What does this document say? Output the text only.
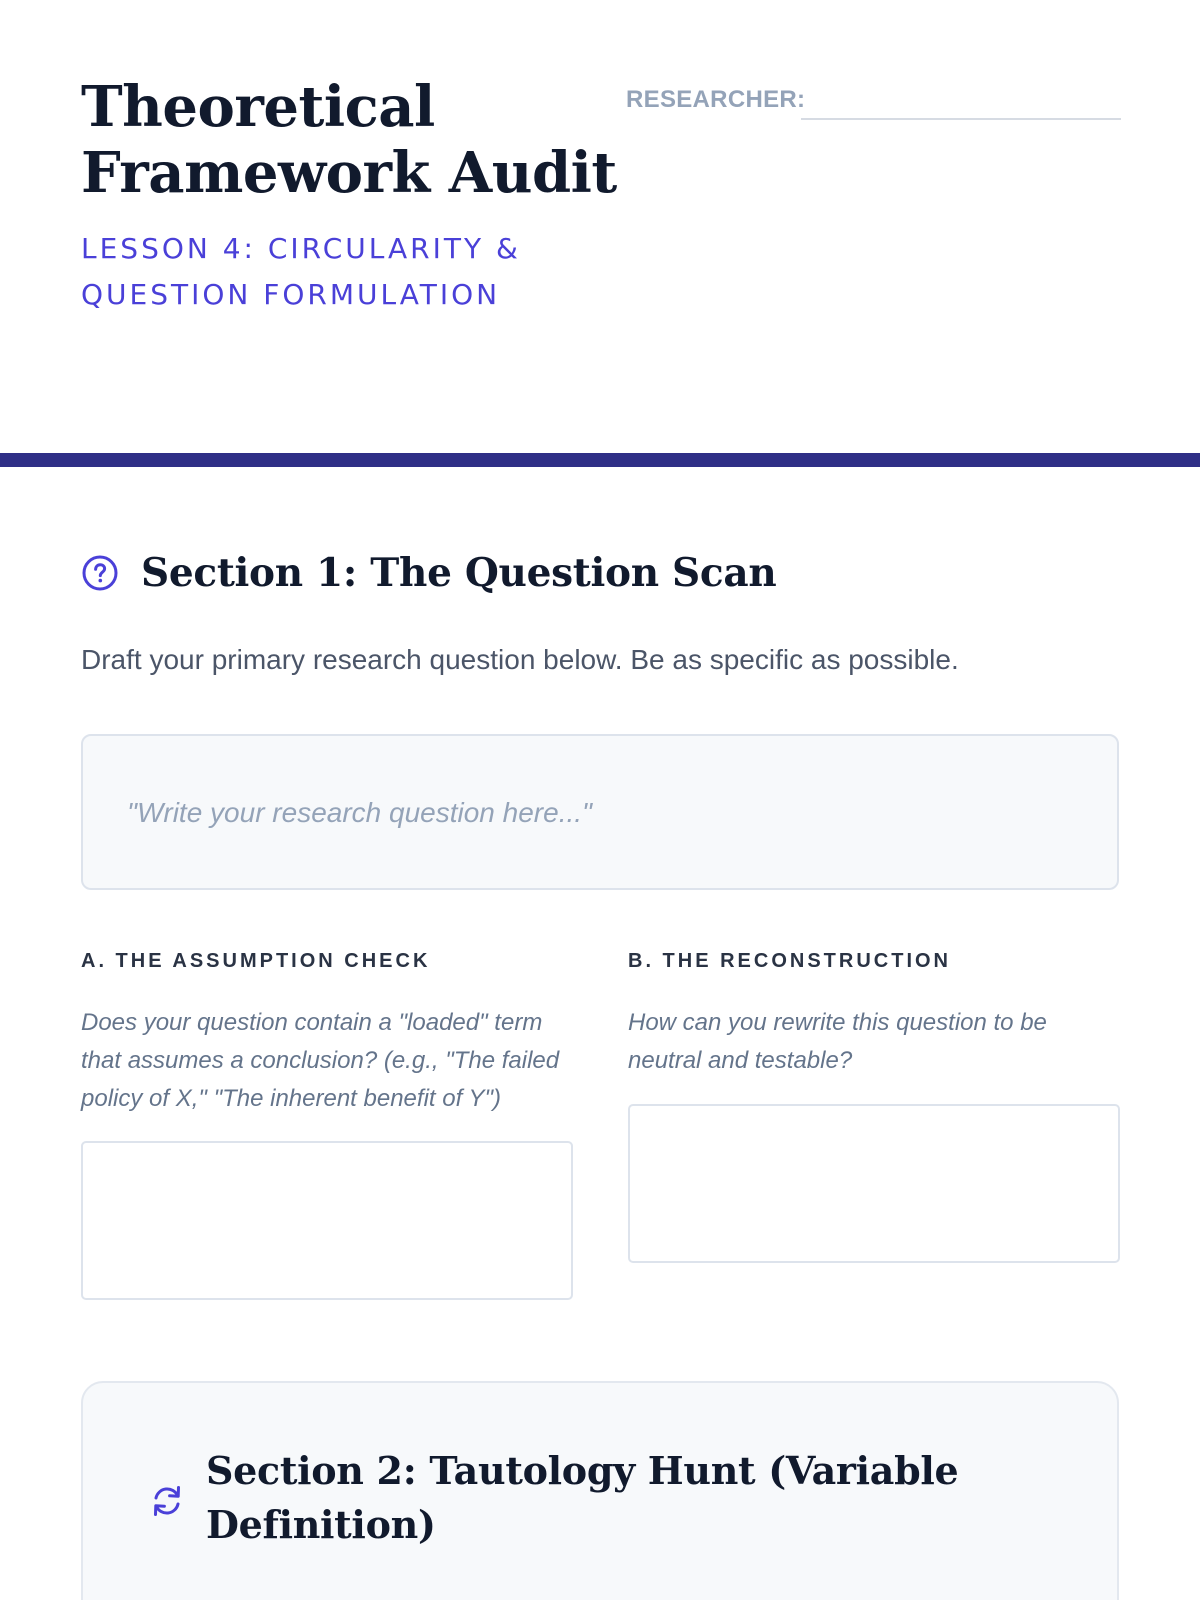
Theoretical Framework Audit
LESSON 4: CIRCULARITY & QUESTION FORMULATION
RESEARCHER:
Section 1: The Question Scan
Draft your primary research question below. Be as specific as possible.
"Write your research question here..."
A. THE ASSUMPTION CHECK
Does your question contain a "loaded" term that assumes a conclusion? (e.g., "The failed policy of X," "The inherent benefit of Y")
B. THE RECONSTRUCTION
How can you rewrite this question to be neutral and testable?
Section 2: Tautology Hunt (Variable Definition)
